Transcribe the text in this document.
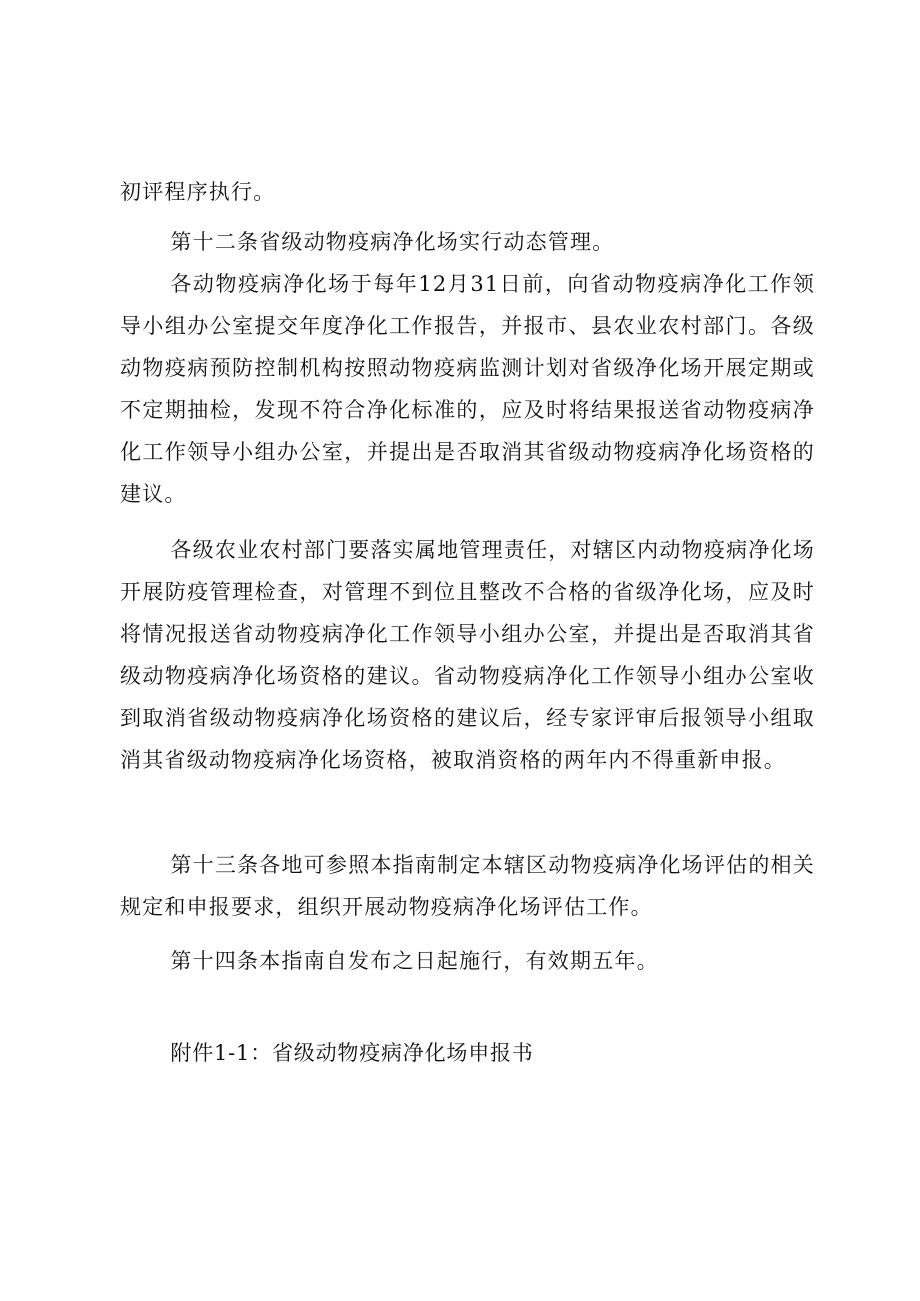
初评程序执行。

第十二条省级动物疫病净化场实行动态管理。

各动物疫病净化场于每年12月31日前，向省动物疫病净化工作领导小组办公室提交年度净化工作报告，并报市、县农业农村部门。各级动物疫病预防控制机构按照动物疫病监测计划对省级净化场开展定期或不定期抽检，发现不符合净化标准的，应及时将结果报送省动物疫病净化工作领导小组办公室，并提出是否取消其省级动物疫病净化场资格的建议。

各级农业农村部门要落实属地管理责任，对辖区内动物疫病净化场开展防疫管理检查，对管理不到位且整改不合格的省级净化场，应及时将情况报送省动物疫病净化工作领导小组办公室，并提出是否取消其省级动物疫病净化场资格的建议。省动物疫病净化工作领导小组办公室收到取消省级动物疫病净化场资格的建议后，经专家评审后报领导小组取消其省级动物疫病净化场资格，被取消资格的两年内不得重新申报。

第十三条各地可参照本指南制定本辖区动物疫病净化场评估的相关规定和申报要求，组织开展动物疫病净化场评估工作。

第十四条本指南自发布之日起施行，有效期五年。

附件1-1：省级动物疫病净化场申报书
